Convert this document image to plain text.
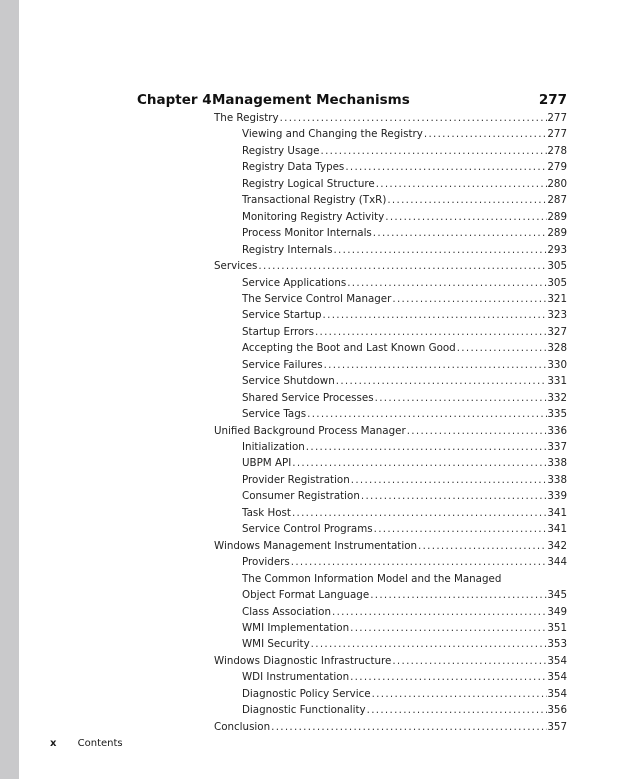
Chapter 4 Management Mechanisms	277
The Registry .....	277
Viewing and Changing the Registry .....	277
Registry Usage .....	278
Registry Data Types .....	279
Registry Logical Structure .....	280
Transactional Registry (TxR) .....	287
Monitoring Registry Activity .....	289
Process Monitor Internals .....	289
Registry Internals .....	293
Services .....	305
Service Applications .....	305
The Service Control Manager .....	321
Service Startup .....	323
Startup Errors .....	327
Accepting the Boot and Last Known Good .....	328
Service Failures .....	330
Service Shutdown .....	331
Shared Service Processes .....	332
Service Tags .....	335
Unified Background Process Manager .....	336
Initialization .....	337
UBPM API .....	338
Provider Registration .....	338
Consumer Registration .....	339
Task Host .....	341
Service Control Programs .....	341
Windows Management Instrumentation .....	342
Providers .....	344
The Common Information Model and the Managed
Object Format Language .....	345
Class Association .....	349
WMI Implementation .....	351
WMI Security .....	353
Windows Diagnostic Infrastructure .....	354
WDI Instrumentation .....	354
Diagnostic Policy Service .....	354
Diagnostic Functionality .....	356
Conclusion .....	357
x Contents
